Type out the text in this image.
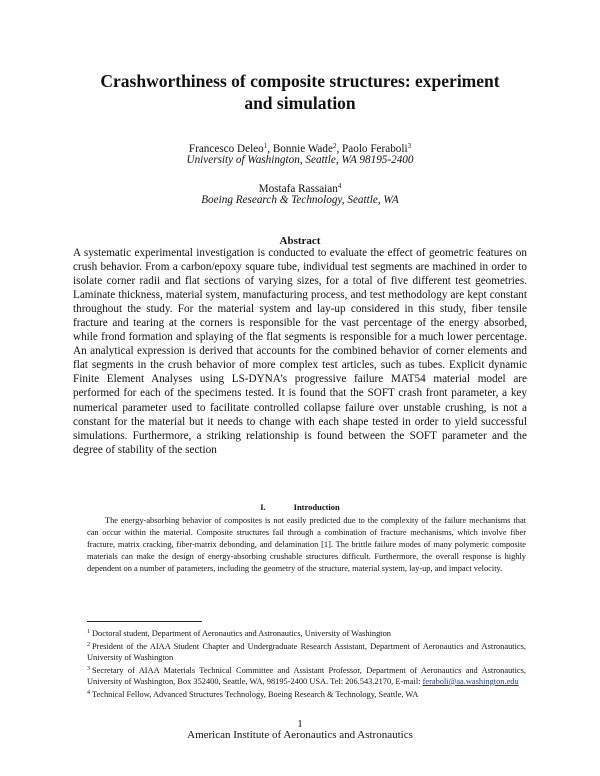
Crashworthiness of composite structures: experiment
and simulation
Francesco Deleo$^1$, Bonnie Wade$^2$, Paolo Feraboli$^3$
University of Washington, Seattle, WA 98195-2400
Mostafa Rassaian$^4$
Boeing Research & Technology, Seattle, WA
Abstract
A systematic experimental investigation is conducted to evaluate the effect of geometric features on crush behavior. From a carbon/epoxy square tube, individual test segments are machined in order to isolate corner radii and flat sections of varying sizes, for a total of five different test geometries. Laminate thickness, material system, manufacturing process, and test methodology are kept constant throughout the study. For the material system and lay-up considered in this study, fiber tensile fracture and tearing at the corners is responsible for the vast percentage of the energy absorbed, while frond formation and splaying of the flat segments is responsible for a much lower percentage. An analytical expression is derived that accounts for the combined behavior of corner elements and flat segments in the crush behavior of more complex test articles, such as tubes. Explicit dynamic Finite Element Analyses using LS-DYNA’s progressive failure MAT54 material model are performed for each of the specimens tested. It is found that the SOFT crash front parameter, a key numerical parameter used to facilitate controlled collapse failure over unstable crushing, is not a constant for the material but it needs to change with each shape tested in order to yield successful simulations. Furthermore, a striking relationship is found between the SOFT parameter and the degree of stability of the section
I.	Introduction
The energy-absorbing behavior of composites is not easily predicted due to the complexity of the failure mechanisms that can occur within the material. Composite structures fail through a combination of fracture mechanisms, which involve fiber fracture, matrix cracking, fiber-matrix debonding, and delamination [1]. The brittle failure modes of many polymeric composite materials can make the design of energy-absorbing crushable structures difficult. Furthermore, the overall response is highly dependent on a number of parameters, including the geometry of the structure, material system, lay-up, and impact velocity.

$^1$ Doctoral student, Department of Aeronautics and Astronautics, University of Washington

$^2$ President of the AIAA Student Chapter and Undergraduate Research Assistant, Department of Aeronautics and Astronautics, University of Washington

$^3$ Secretary of AIAA Materials Technical Committee and Assistant Professor, Department of Aeronautics and Astronautics, University of Washington, Box 352400, Seattle, WA, 98195-2400 USA. Tel: 206.543.2170, E-mail: feraboli@aa.washington.edu

$^4$ Technical Fellow, Advanced Structures Technology, Boeing Research & Technology, Seattle, WA

1
American Institute of Aeronautics and Astronautics
